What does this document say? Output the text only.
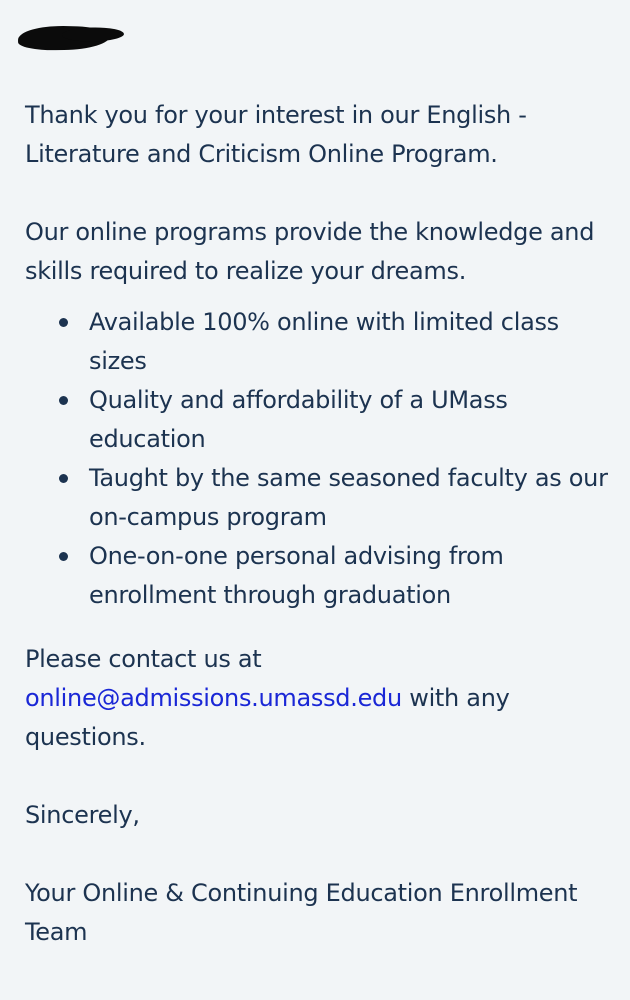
Thank you for your interest in our English - Literature and Criticism Online Program.

Our online programs provide the knowledge and skills required to realize your dreams.

Available 100% online with limited class sizes
Quality and affordability of a UMass education
Taught by the same seasoned faculty as our on-campus program
One-on-one personal advising from enrollment through graduation

Please contact us at
online@admissions.umassd.edu with any questions.

Sincerely,

Your Online & Continuing Education Enrollment Team
